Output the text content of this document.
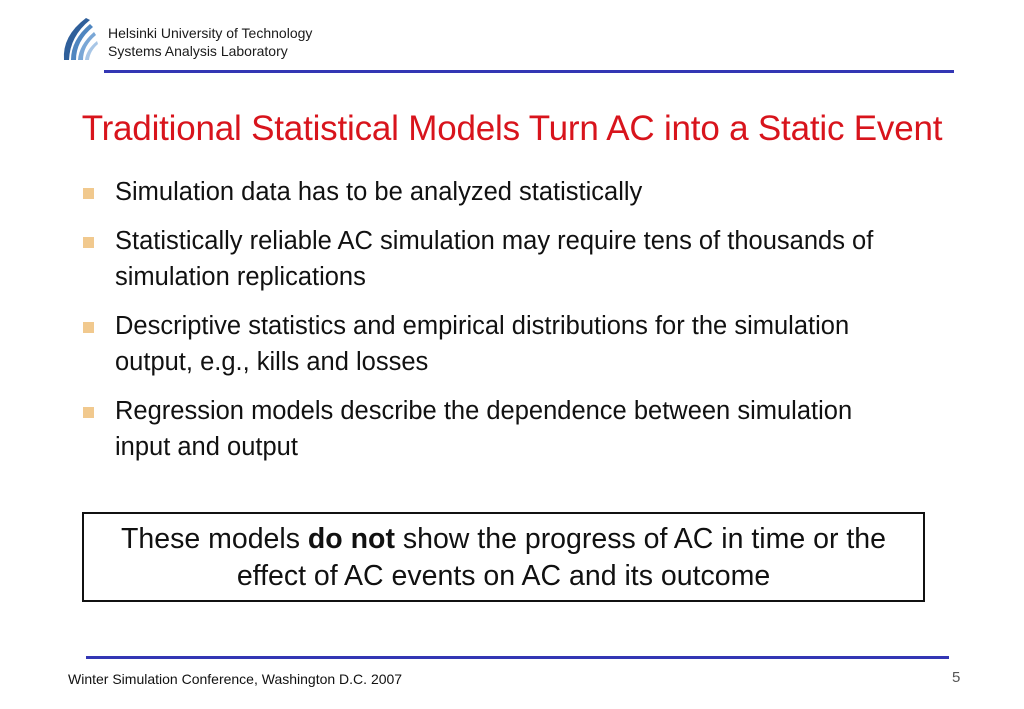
Helsinki University of Technology
Systems Analysis Laboratory
Traditional Statistical Models Turn AC into a Static Event
Simulation data has to be analyzed statistically
Statistically reliable AC simulation may require tens of thousands of simulation replications
Descriptive statistics and empirical distributions for the simulation output, e.g., kills and losses
Regression models describe the dependence between simulation input and output
These models do not show the progress of AC in time or the effect of AC events on AC and its outcome
Winter Simulation Conference, Washington D.C. 2007	5
